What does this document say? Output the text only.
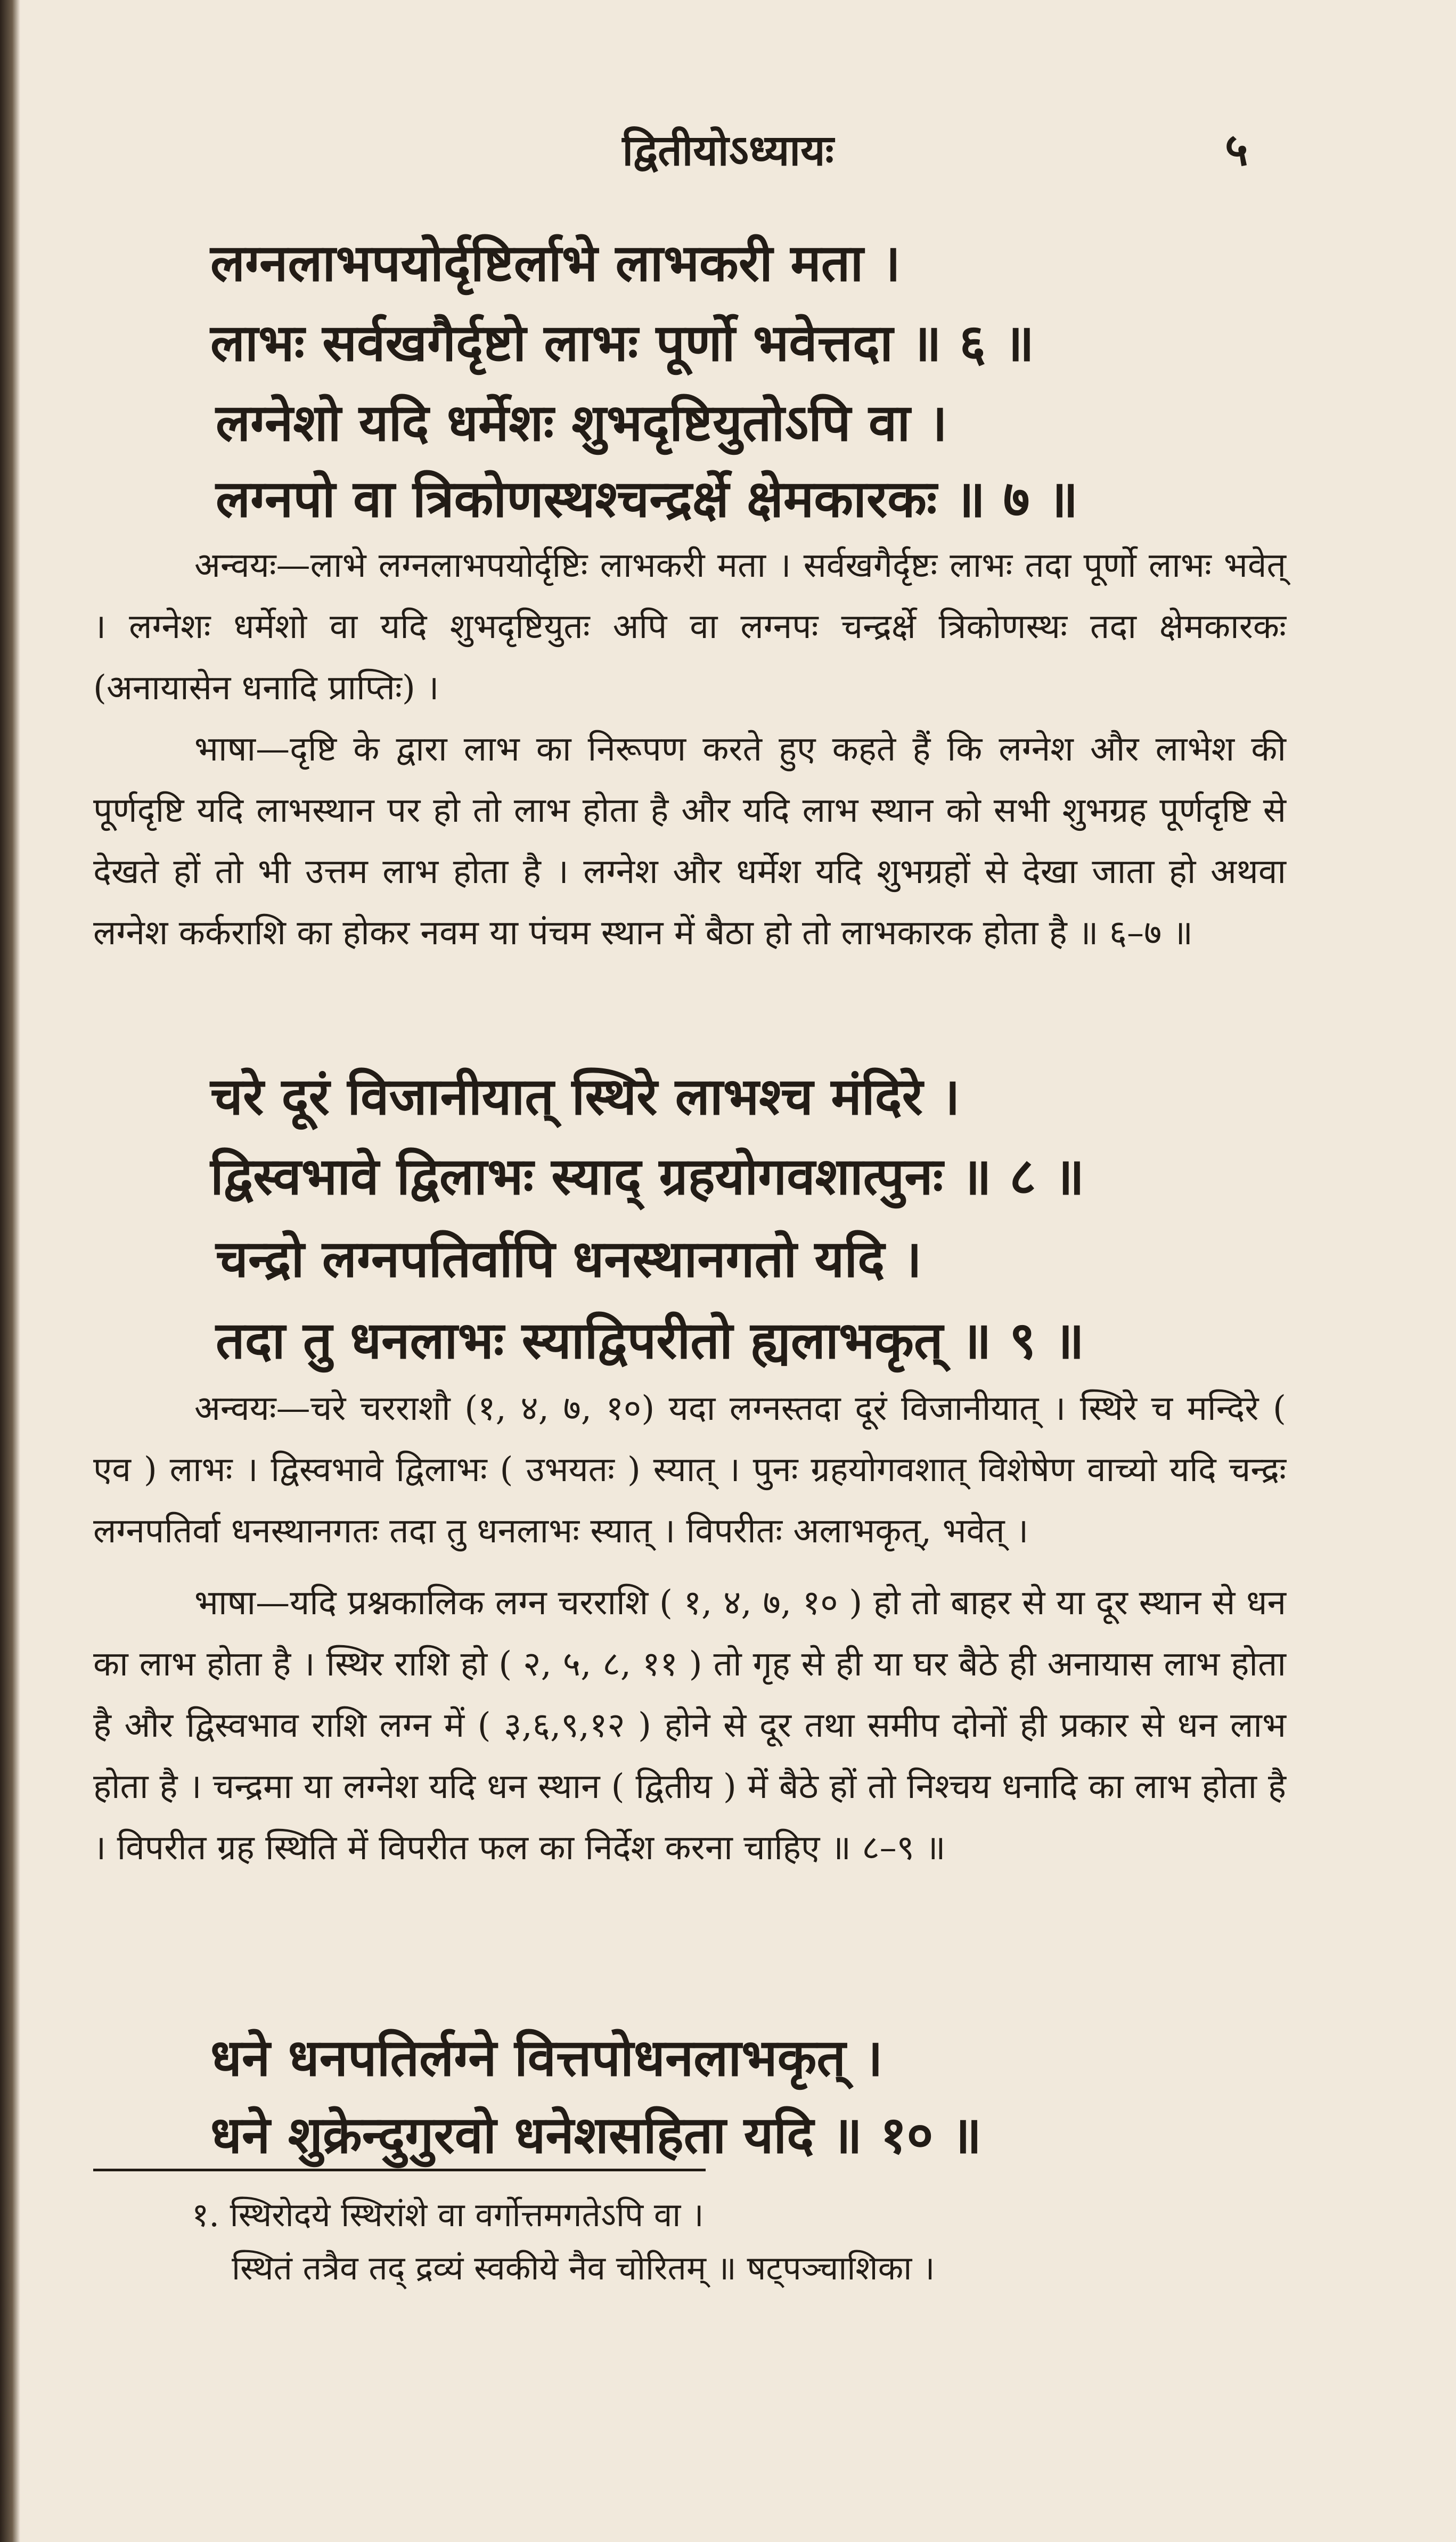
द्वितीयोऽध्यायः	५
लग्नलाभपयोर्दृष्टिर्लाभे लाभकरी मता ।
लाभः सर्वखगैर्दृष्टो लाभः पूर्णो भवेत्तदा ॥ ६ ॥
लग्नेशो यदि धर्मेशः शुभदृष्टियुतोऽपि वा ।
लग्नपो वा त्रिकोणस्थश्चन्द्रर्क्षे क्षेमकारकः ॥ ७ ॥

अन्वयः—लाभे लग्नलाभपयोर्दृष्टिः लाभकरी मता । सर्वखगैर्दृष्टः लाभः तदा पूर्णो लाभः भवेत् । लग्नेशः धर्मेशो वा यदि शुभदृष्टियुतः अपि वा लग्नपः चन्द्रर्क्षे त्रिकोणस्थः तदा क्षेमकारकः (अनायासेन धनादि प्राप्तिः) ।

भाषा—दृष्टि के द्वारा लाभ का निरूपण करते हुए कहते हैं कि लग्नेश और लाभेश की पूर्णदृष्टि यदि लाभस्थान पर हो तो लाभ होता है और यदि लाभ स्थान को सभी शुभग्रह पूर्णदृष्टि से देखते हों तो भी उत्तम लाभ होता है । लग्नेश और धर्मेश यदि शुभग्रहों से देखा जाता हो अथवा लग्नेश कर्कराशि का होकर नवम या पंचम स्थान में बैठा हो तो लाभकारक होता है ॥ ६–७ ॥

चरे दूरं विजानीयात् स्थिरे लाभश्च मंदिरे ।
द्विस्वभावे द्विलाभः स्याद् ग्रहयोगवशात्पुनः ॥ ८ ॥
चन्द्रो लग्नपतिर्वापि धनस्थानगतो यदि ।
तदा तु धनलाभः स्याद्विपरीतो ह्यलाभकृत् ॥ ९ ॥

अन्वयः—चरे चरराशौ (१, ४, ७, १०) यदा लग्नस्तदा दूरं विजानीयात् । स्थिरे च मन्दिरे ( एव ) लाभः । द्विस्वभावे द्विलाभः ( उभयतः ) स्यात् । पुनः ग्रहयोगवशात् विशेषेण वाच्यो यदि चन्द्रः लग्नपतिर्वा धनस्थानगतः तदा तु धनलाभः स्यात् । विपरीतः अलाभकृत्, भवेत् ।

भाषा—यदि प्रश्नकालिक लग्न चरराशि ( १, ४, ७, १० ) हो तो बाहर से या दूर स्थान से धन का लाभ होता है । स्थिर राशि हो ( २, ५, ८, ११ ) तो गृह से ही या घर बैठे ही अनायास लाभ होता है और द्विस्वभाव राशि लग्न में ( ३,६,९,१२ ) होने से दूर तथा समीप दोनों ही प्रकार से धन लाभ होता है । चन्द्रमा या लग्नेश यदि धन स्थान ( द्वितीय ) में बैठे हों तो निश्चय धनादि का लाभ होता है । विपरीत ग्रह स्थिति में विपरीत फल का निर्देश करना चाहिए ॥ ८–९ ॥

धने धनपतिर्लग्ने वित्तपोधनलाभकृत् ।
धने शुक्रेन्दुगुरवो धनेशसहिता यदि ॥ १० ॥
१. स्थिरोदये स्थिरांशे वा वर्गोत्तमगतेऽपि वा ।
स्थितं तत्रैव तद् द्रव्यं स्वकीये नैव चोरितम् ॥ षट्पञ्चाशिका ।
